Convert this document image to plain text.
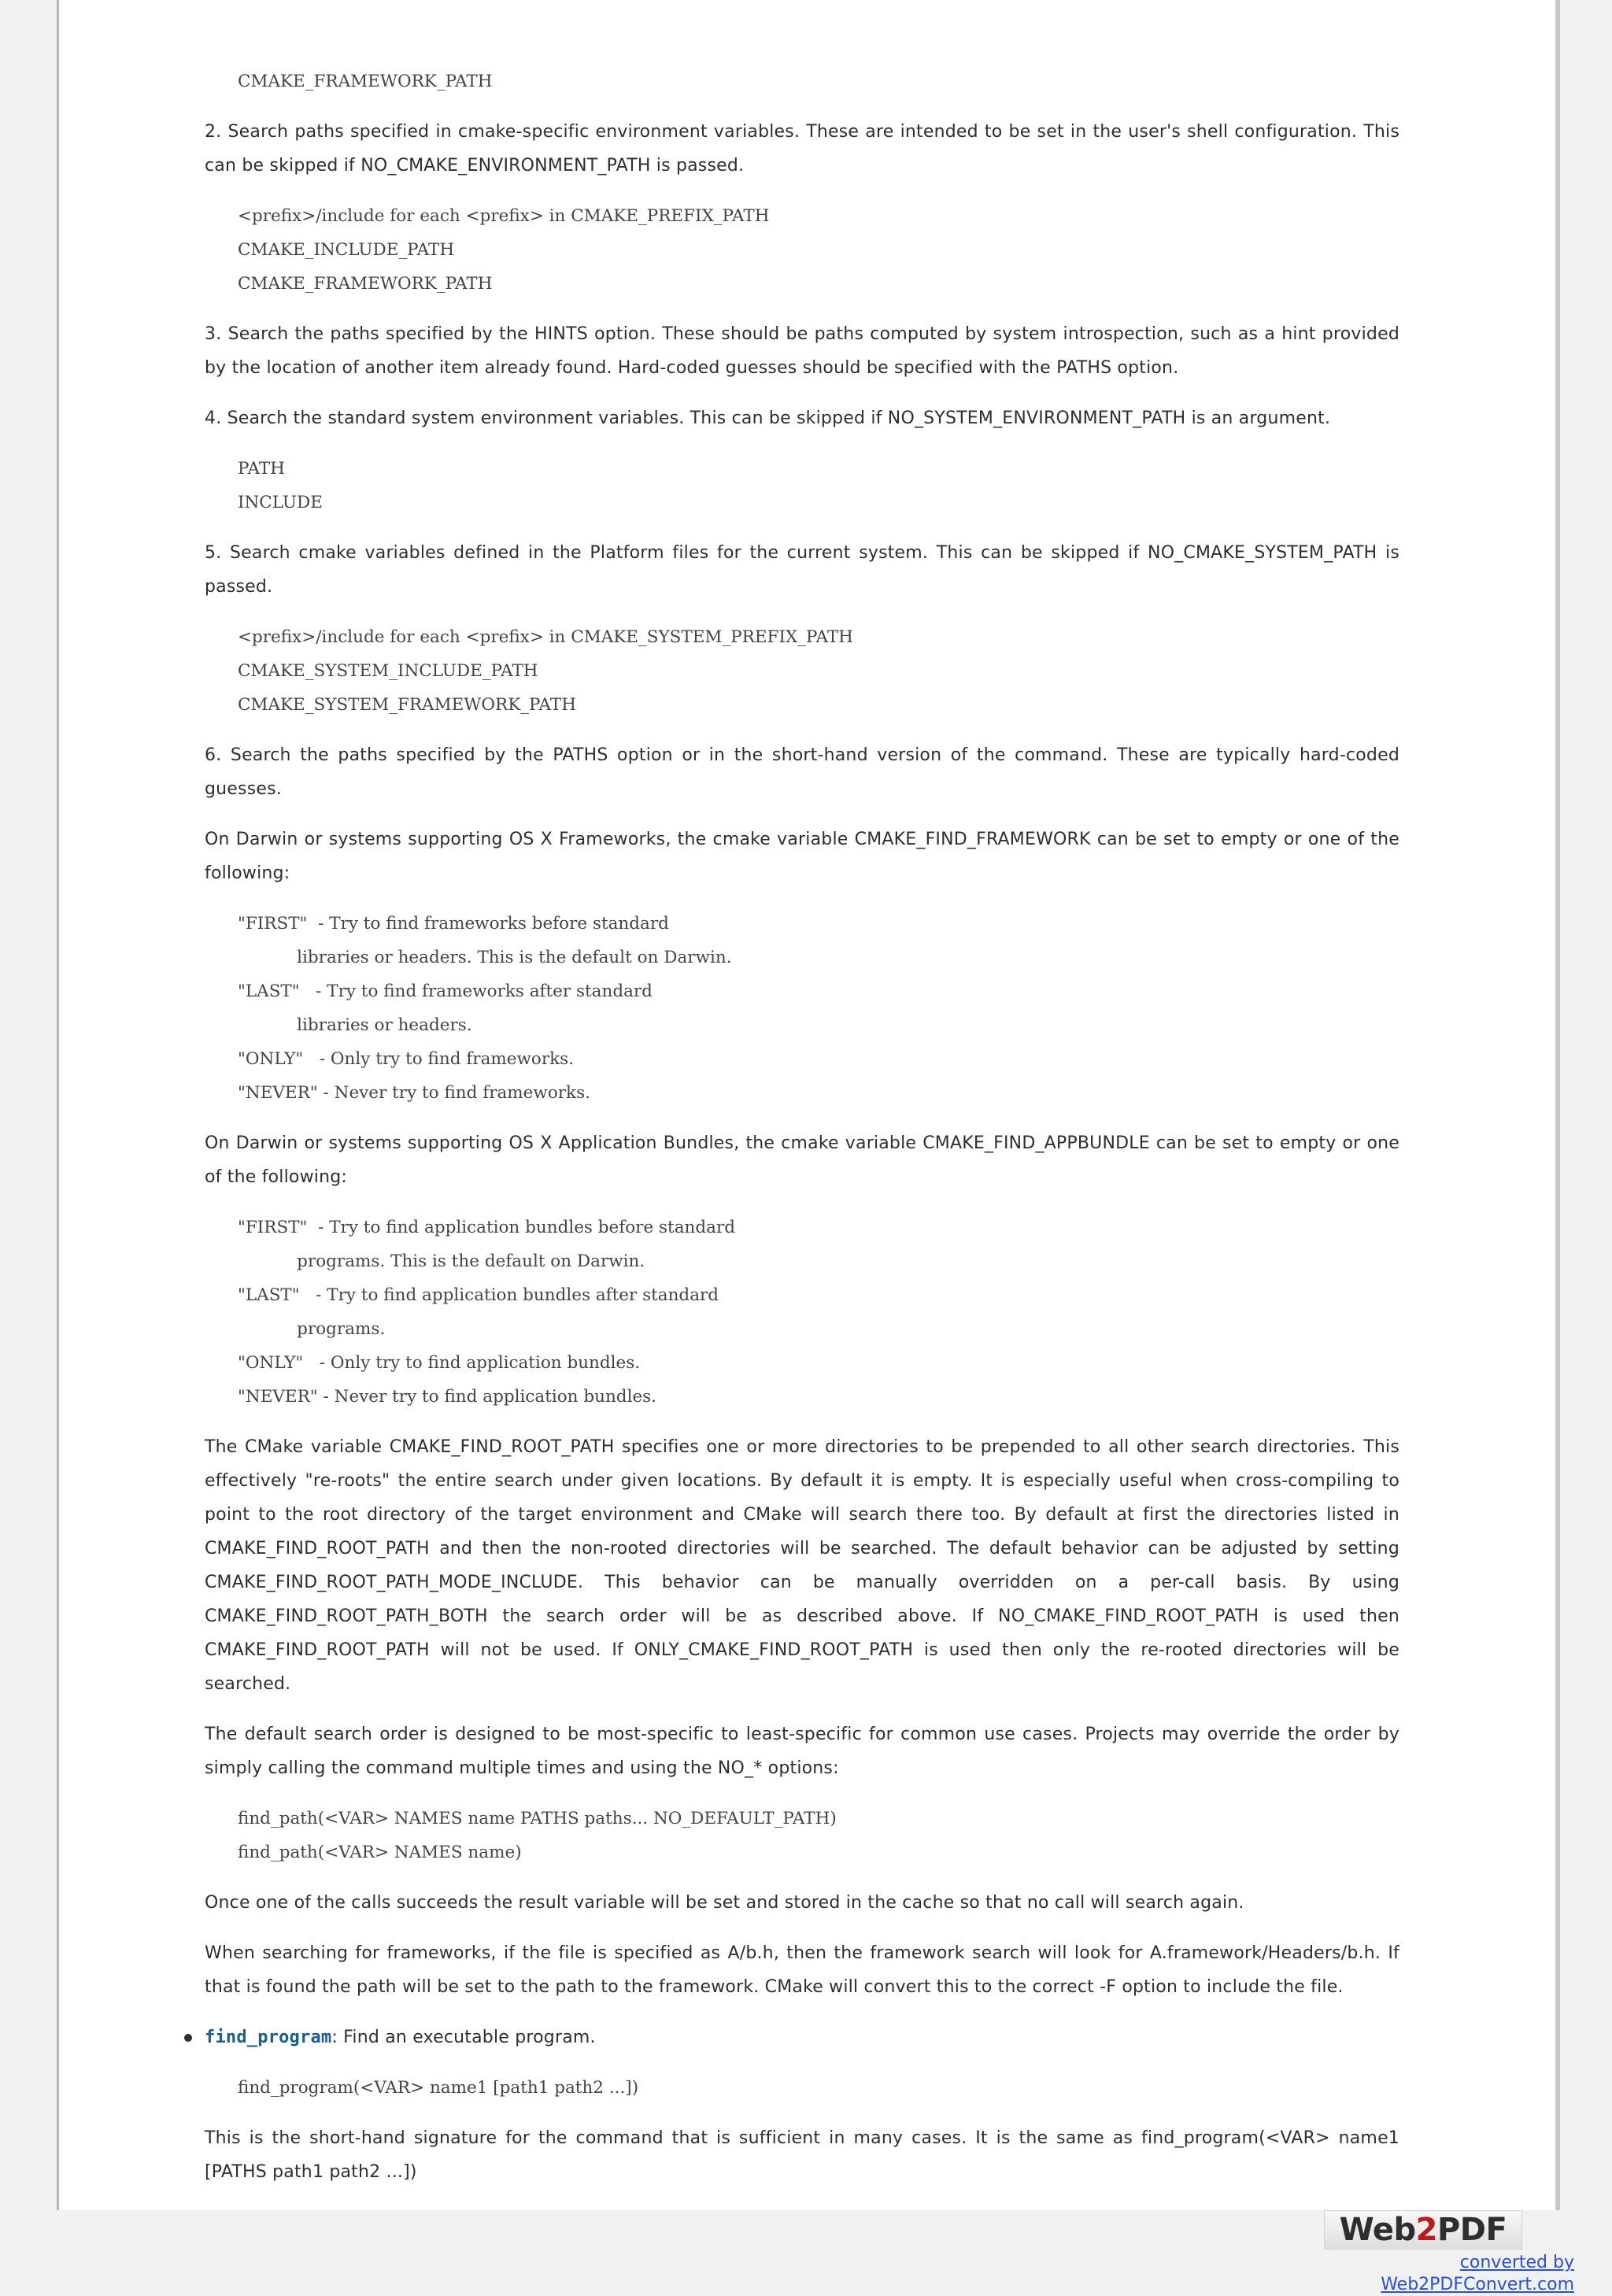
CMAKE_FRAMEWORK_PATH

2. Search paths specified in cmake-specific environment variables. These are intended to be set in the user's shell configuration. This can be skipped if NO_CMAKE_ENVIRONMENT_PATH is passed.

<prefix>/include for each <prefix> in CMAKE_PREFIX_PATH
CMAKE_INCLUDE_PATH
CMAKE_FRAMEWORK_PATH

3. Search the paths specified by the HINTS option. These should be paths computed by system introspection, such as a hint provided by the location of another item already found. Hard-coded guesses should be specified with the PATHS option.

4. Search the standard system environment variables. This can be skipped if NO_SYSTEM_ENVIRONMENT_PATH is an argument.

PATH
INCLUDE

5. Search cmake variables defined in the Platform files for the current system. This can be skipped if NO_CMAKE_SYSTEM_PATH is passed.

<prefix>/include for each <prefix> in CMAKE_SYSTEM_PREFIX_PATH
CMAKE_SYSTEM_INCLUDE_PATH
CMAKE_SYSTEM_FRAMEWORK_PATH

6. Search the paths specified by the PATHS option or in the short-hand version of the command. These are typically hard-coded guesses.

On Darwin or systems supporting OS X Frameworks, the cmake variable CMAKE_FIND_FRAMEWORK can be set to empty or one of the following:

"FIRST"  - Try to find frameworks before standard
libraries or headers. This is the default on Darwin.
"LAST"   - Try to find frameworks after standard
libraries or headers.
"ONLY"   - Only try to find frameworks.
"NEVER" - Never try to find frameworks.

On Darwin or systems supporting OS X Application Bundles, the cmake variable CMAKE_FIND_APPBUNDLE can be set to empty or one of the following:

"FIRST"  - Try to find application bundles before standard
programs. This is the default on Darwin.
"LAST"   - Try to find application bundles after standard
programs.
"ONLY"   - Only try to find application bundles.
"NEVER" - Never try to find application bundles.

The CMake variable CMAKE_FIND_ROOT_PATH specifies one or more directories to be prepended to all other search directories. This effectively "re-roots" the entire search under given locations. By default it is empty. It is especially useful when cross-compiling to point to the root directory of the target environment and CMake will search there too. By default at first the directories listed in CMAKE_FIND_ROOT_PATH and then the non-rooted directories will be searched. The default behavior can be adjusted by setting CMAKE_FIND_ROOT_PATH_MODE_INCLUDE. This behavior can be manually overridden on a per-call basis. By using CMAKE_FIND_ROOT_PATH_BOTH the search order will be as described above. If NO_CMAKE_FIND_ROOT_PATH is used then CMAKE_FIND_ROOT_PATH will not be used. If ONLY_CMAKE_FIND_ROOT_PATH is used then only the re-rooted directories will be searched.

The default search order is designed to be most-specific to least-specific for common use cases. Projects may override the order by simply calling the command multiple times and using the NO_* options:

find_path(<VAR> NAMES name PATHS paths... NO_DEFAULT_PATH)
find_path(<VAR> NAMES name)

Once one of the calls succeeds the result variable will be set and stored in the cache so that no call will search again.

When searching for frameworks, if the file is specified as A/b.h, then the framework search will look for A.framework/Headers/b.h. If that is found the path will be set to the path to the framework. CMake will convert this to the correct -F option to include the file.

find_program: Find an executable program.

find_program(<VAR> name1 [path1 path2 ...])

This is the short-hand signature for the command that is sufficient in many cases. It is the same as find_program(<VAR> name1 [PATHS path1 path2 ...])

Web2PDF
converted by Web2PDFConvert.com
